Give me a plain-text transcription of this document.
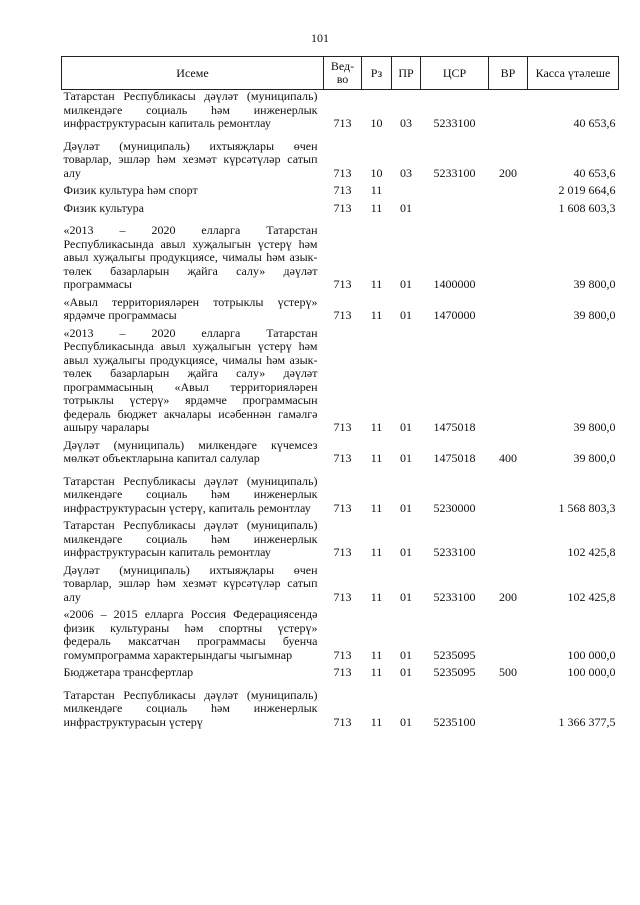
101
Исеме	Вед-во	Рз	ПР	ЦСР	ВР	Касса үтәлеше
Татарстан Республикасы дәүләт (муниципаль) милкендәге социаль һәм инженерлык инфраструктурасын капиталь ремонтлау	713	10	03	5233100		40 653,6
Дәүләт (муниципаль) ихтыяҗлары өчен товарлар, эшләр һәм хезмәт күрсәтүләр сатып алу	713	10	03	5233100	200	40 653,6
Физик культура һәм спорт	713	11				2 019 664,6
Физик культура	713	11	01			1 608 603,3
«2013 – 2020 елларга Татарстан Республикасында авыл хуҗалыгын үстерү һәм авыл хуҗалыгы продукциясе, чималы һәм азык-төлек базарларын җайга салу» дәүләт программасы	713	11	01	1400000		39 800,0
«Авыл территорияләрен тотрыклы үстерү» ярдәмче программасы	713	11	01	1470000		39 800,0
«2013 – 2020 елларга Татарстан Республикасында авыл хуҗалыгын үстерү һәм авыл хуҗалыгы продукциясе, чималы һәм азык-төлек базарларын җайга салу» дәүләт программасының «Авыл территорияләрен тотрыклы үстерү» ярдәмче программасын федераль бюджет акчалары исәбеннән гамәлгә ашыру чаралары	713	11	01	1475018		39 800,0
Дәүләт (муниципаль) милкендәге күчемсез мөлкәт объектларына капитал салулар	713	11	01	1475018	400	39 800,0
Татарстан Республикасы дәүләт (муниципаль) милкендәге социаль һәм инженерлык инфраструктурасын үстерү, капиталь ремонтлау	713	11	01	5230000		1 568 803,3
Татарстан Республикасы дәүләт (муниципаль) милкендәге социаль һәм инженерлык инфраструктурасын капиталь ремонтлау	713	11	01	5233100		102 425,8
Дәүләт (муниципаль) ихтыяҗлары өчен товарлар, эшләр һәм хезмәт күрсәтүләр сатып алу	713	11	01	5233100	200	102 425,8
«2006 – 2015 елларга Россия Федерациясендә физик культураны һәм спортны үстерү» федераль максатчан программасы буенча гомумпрограмма характерындагы чыгымнар	713	11	01	5235095		100 000,0
Бюджетара трансфертлар	713	11	01	5235095	500	100 000,0
Татарстан Республикасы дәүләт (муниципаль) милкендәге социаль һәм инженерлык инфраструктурасын үстерү	713	11	01	5235100		1 366 377,5
